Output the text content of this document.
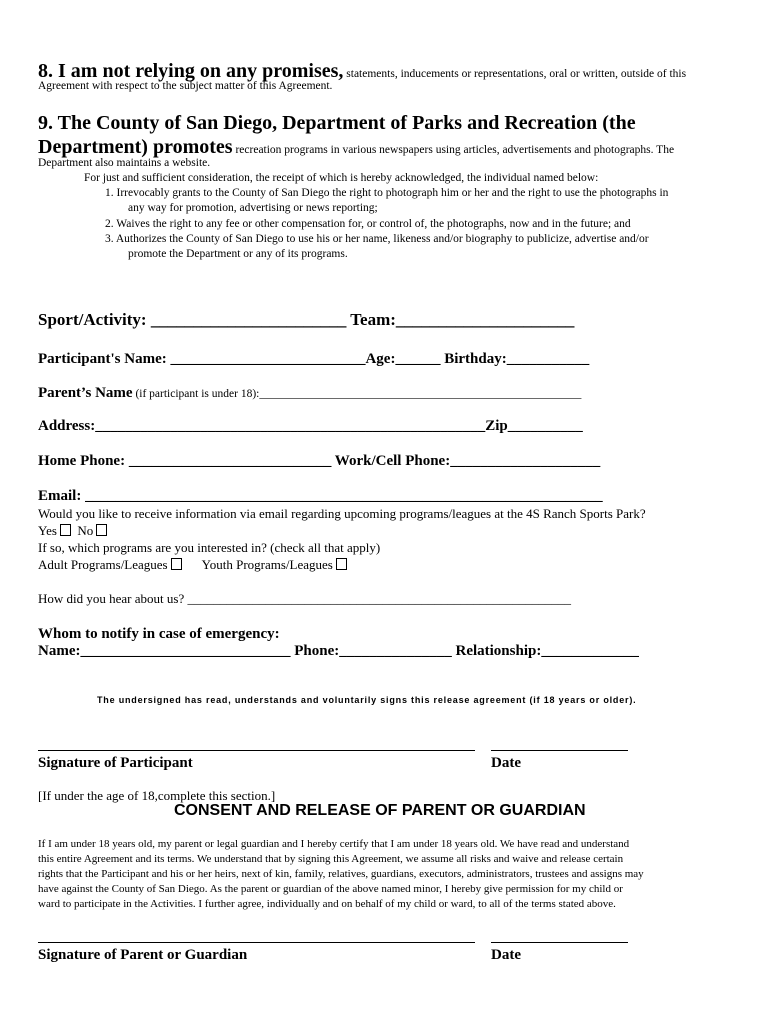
8. I am not relying on any promises, statements, inducements or representations, oral or written, outside of this
Agreement with respect to the subject matter of this Agreement.
9. The County of San Diego, Department of Parks and Recreation (the
Department) promotes recreation programs in various newspapers using articles, advertisements and photographs. The
Department also maintains a website.
For just and sufficient consideration, the receipt of which is hereby acknowledged, the individual named below:
1. Irrevocably grants to the County of San Diego the right to photograph him or her and the right to use the photographs in
any way for promotion, advertising or news reporting;
2. Waives the right to any fee or other compensation for, or control of, the photographs, now and in the future; and
3. Authorizes the County of San Diego to use his or her name, likeness and/or biography to publicize, advertise and/or
promote the Department or any of its programs.
Sport/Activity: _______________________ Team:_____________________
Participant's Name: __________________________Age:______ Birthday:___________
Parent’s Name (if participant is under 18):________________________________________________________
Address:____________________________________________________Zip__________
Home Phone: ___________________________ Work/Cell Phone:____________________
Email: _____________________________________________________________________
Would you like to receive information via email regarding upcoming programs/leagues at the 4S Ranch Sports Park?
Yes No
If so, which programs are you interested in? (check all that apply)
Adult Programs/Leagues	Youth Programs/Leagues
How did you hear about us? ___________________________________________________________
Whom to notify in case of emergency:
Name:____________________________ Phone:_______________ Relationship:_____________
The undersigned has read, understands and voluntarily signs this release agreement (if 18 years or older).
Signature of Participant	Date
[If under the age of 18,complete this section.]
CONSENT AND RELEASE OF PARENT OR GUARDIAN
If I am under 18 years old, my parent or legal guardian and I hereby certify that I am under 18 years old. We have read and understand
this entire Agreement and its terms. We understand that by signing this Agreement, we assume all risks and waive and release certain
rights that the Participant and his or her heirs, next of kin, family, relatives, guardians, executors, administrators, trustees and assigns may
have against the County of San Diego. As the parent or guardian of the above named minor, I hereby give permission for my child or
ward to participate in the Activities. I further agree, individually and on behalf of my child or ward, to all of the terms stated above.
Signature of Parent or Guardian	Date
